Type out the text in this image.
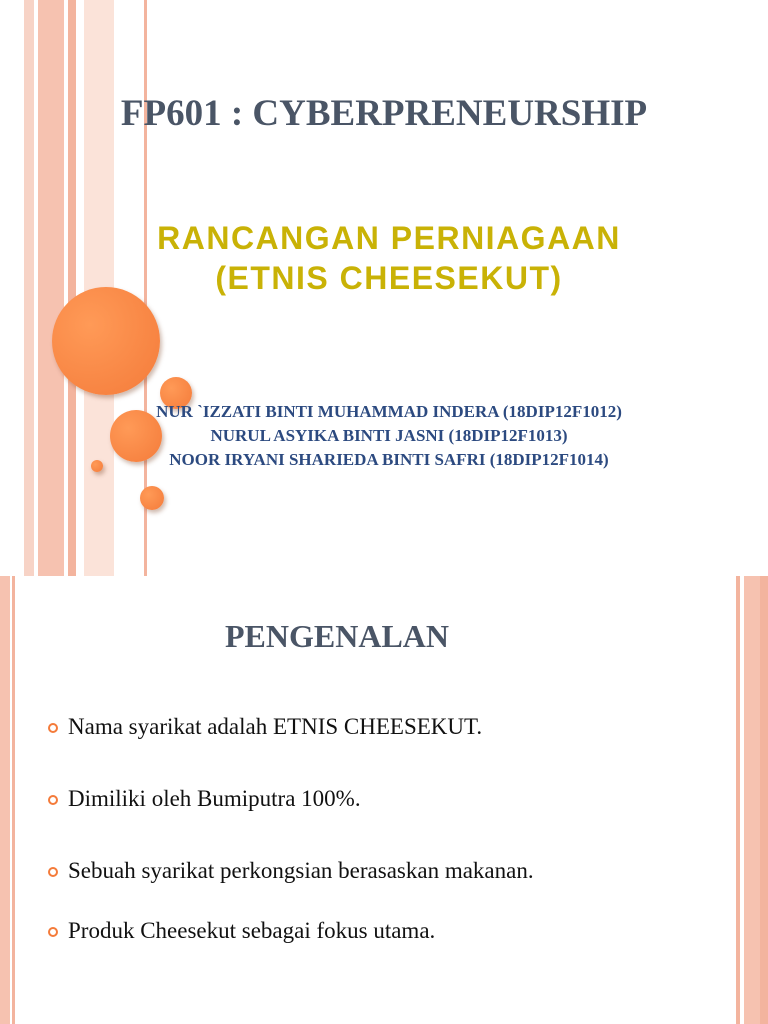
FP601 : CYBERPRENEURSHIP
RANCANGAN PERNIAGAAN
(ETNIS CHEESEKUT)
NUR `IZZATI BINTI MUHAMMAD INDERA (18DIP12F1012)
NURUL ASYIKA BINTI JASNI (18DIP12F1013)
NOOR IRYANI SHARIEDA BINTI SAFRI (18DIP12F1014)
PENGENALAN
Nama syarikat adalah ETNIS CHEESEKUT.
Dimiliki oleh Bumiputra 100%.
Sebuah syarikat perkongsian berasaskan makanan.
Produk Cheesekut sebagai fokus utama.
